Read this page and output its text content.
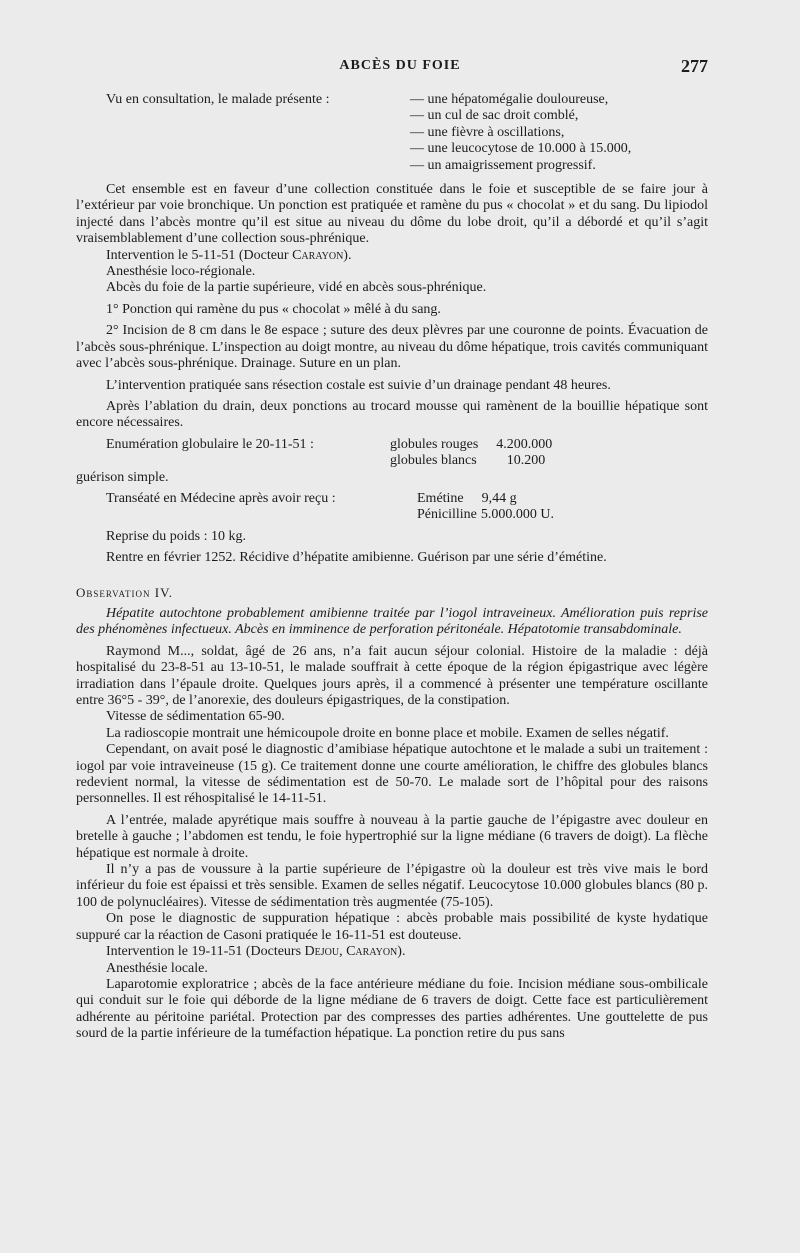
ABCÈS DU FOIE	277
Vu en consultation, le malade présente :	— une hépatomégalie douloureuse,
— un cul de sac droit comblé,
— une fièvre à oscillations,
— une leucocytose de 10.000 à 15.000,
— un amaigrissement progressif.

Cet ensemble est en faveur d’une collection constituée dans le foie et susceptible de se faire jour à l’extérieur par voie bronchique. Un ponction est pratiquée et ramène du pus « chocolat » et du sang. Du lipiodol injecté dans l’abcès montre qu’il est situe au niveau du dôme du lobe droit, qu’il a débordé et qu’il s’agit vraisemblablement d’une collection sous-phrénique.

Intervention le 5-11-51 (Docteur Carayon).

Anesthésie loco-régionale.

Abcès du foie de la partie supérieure, vidé en abcès sous-phrénique.

1° Ponction qui ramène du pus « chocolat » mêlé à du sang.

2° Incision de 8 cm dans le 8e espace ; suture des deux plèvres par une couronne de points. Évacuation de l’abcès sous-phrénique. L’inspection au doigt montre, au niveau du dôme hépatique, trois cavités communiquant avec l’abcès sous-phrénique. Drainage. Suture en un plan.

L’intervention pratiquée sans résection costale est suivie d’un drainage pendant 48 heures.

Après l’ablation du drain, deux ponctions au trocard mousse qui ramènent de la bouillie hépatique sont encore nécessaires.

Enumération globulaire le 20-11-51 :	globules rouges 4.200.000
globules blancs 10.200

guérison simple.

Transéaté en Médecine après avoir reçu :	Emétine 9,44 g
Pénicilline 5.000.000 U.

Reprise du poids : 10 kg.

Rentre en février 1252. Récidive d’hépatite amibienne. Guérison par une série d’émétine.

Observation IV.

Hépatite autochtone probablement amibienne traitée par l’iogol intraveineux. Amélioration puis reprise des phénomènes infectueux. Abcès en imminence de perforation péritonéale. Hépatotomie transabdominale.

Raymond M..., soldat, âgé de 26 ans, n’a fait aucun séjour colonial. Histoire de la maladie : déjà hospitalisé du 23-8-51 au 13-10-51, le malade souffrait à cette époque de la région épigastrique avec légère irradiation dans l’épaule droite. Quelques jours après, il a commencé à présenter une température oscillante entre 36°5 - 39°, de l’anorexie, des douleurs épigastriques, de la constipation.

Vitesse de sédimentation 65-90.

La radioscopie montrait une hémicoupole droite en bonne place et mobile. Examen de selles négatif.

Cependant, on avait posé le diagnostic d’amibiase hépatique autochtone et le malade a subi un traitement : iogol par voie intraveineuse (15 g). Ce traitement donne une courte amélioration, le chiffre des globules blancs redevient normal, la vitesse de sédimentation est de 50-70. Le malade sort de l’hôpital pour des raisons personnelles. Il est réhospitalisé le 14-11-51.

A l’entrée, malade apyrétique mais souffre à nouveau à la partie gauche de l’épigastre avec douleur en bretelle à gauche ; l’abdomen est tendu, le foie hypertrophié sur la ligne médiane (6 travers de doigt). La flèche hépatique est normale à droite.

Il n’y a pas de voussure à la partie supérieure de l’épigastre où la douleur est très vive mais le bord inférieur du foie est épaissi et très sensible. Examen de selles négatif. Leucocytose 10.000 globules blancs (80 p. 100 de polynucléaires). Vitesse de sédimentation très augmentée (75-105).

On pose le diagnostic de suppuration hépatique : abcès probable mais possibilité de kyste hydatique suppuré car la réaction de Casoni pratiquée le 16-11-51 est douteuse.

Intervention le 19-11-51 (Docteurs Dejou, Carayon).

Anesthésie locale.

Laparotomie exploratrice ; abcès de la face antérieure médiane du foie. Incision médiane sous-ombilicale qui conduit sur le foie qui déborde de la ligne médiane de 6 travers de doigt. Cette face est particulièrement adhérente au péritoine pariétal. Protection par des compresses des parties adhérentes. Une gouttelette de pus sourd de la partie inférieure de la tuméfaction hépatique. La ponction retire du pus sans
